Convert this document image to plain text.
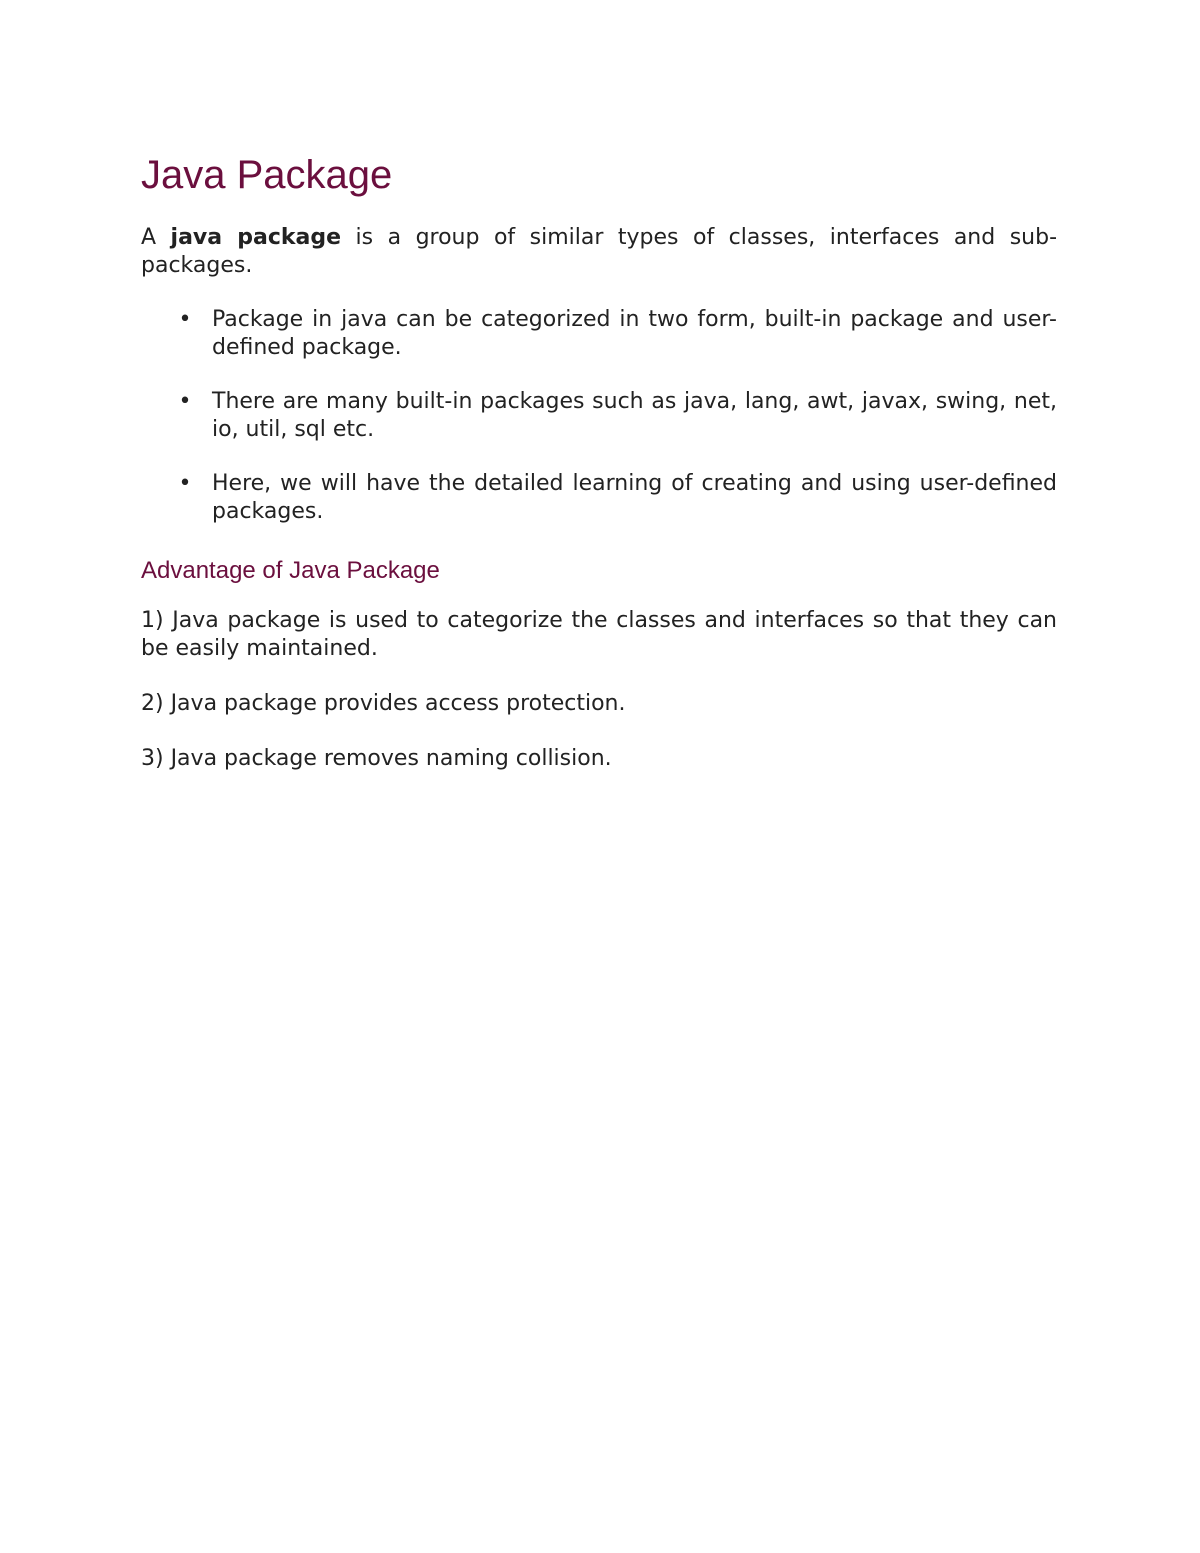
Java Package

A java package is a group of similar types of classes, interfaces and sub-packages.

• Package in java can be categorized in two form, built-in package and user-defined package.
• There are many built-in packages such as java, lang, awt, javax, swing, net, io, util, sql etc.
• Here, we will have the detailed learning of creating and using user-defined packages.
Advantage of Java Package

1) Java package is used to categorize the classes and interfaces so that they can be easily maintained.

2) Java package provides access protection.

3) Java package removes naming collision.
